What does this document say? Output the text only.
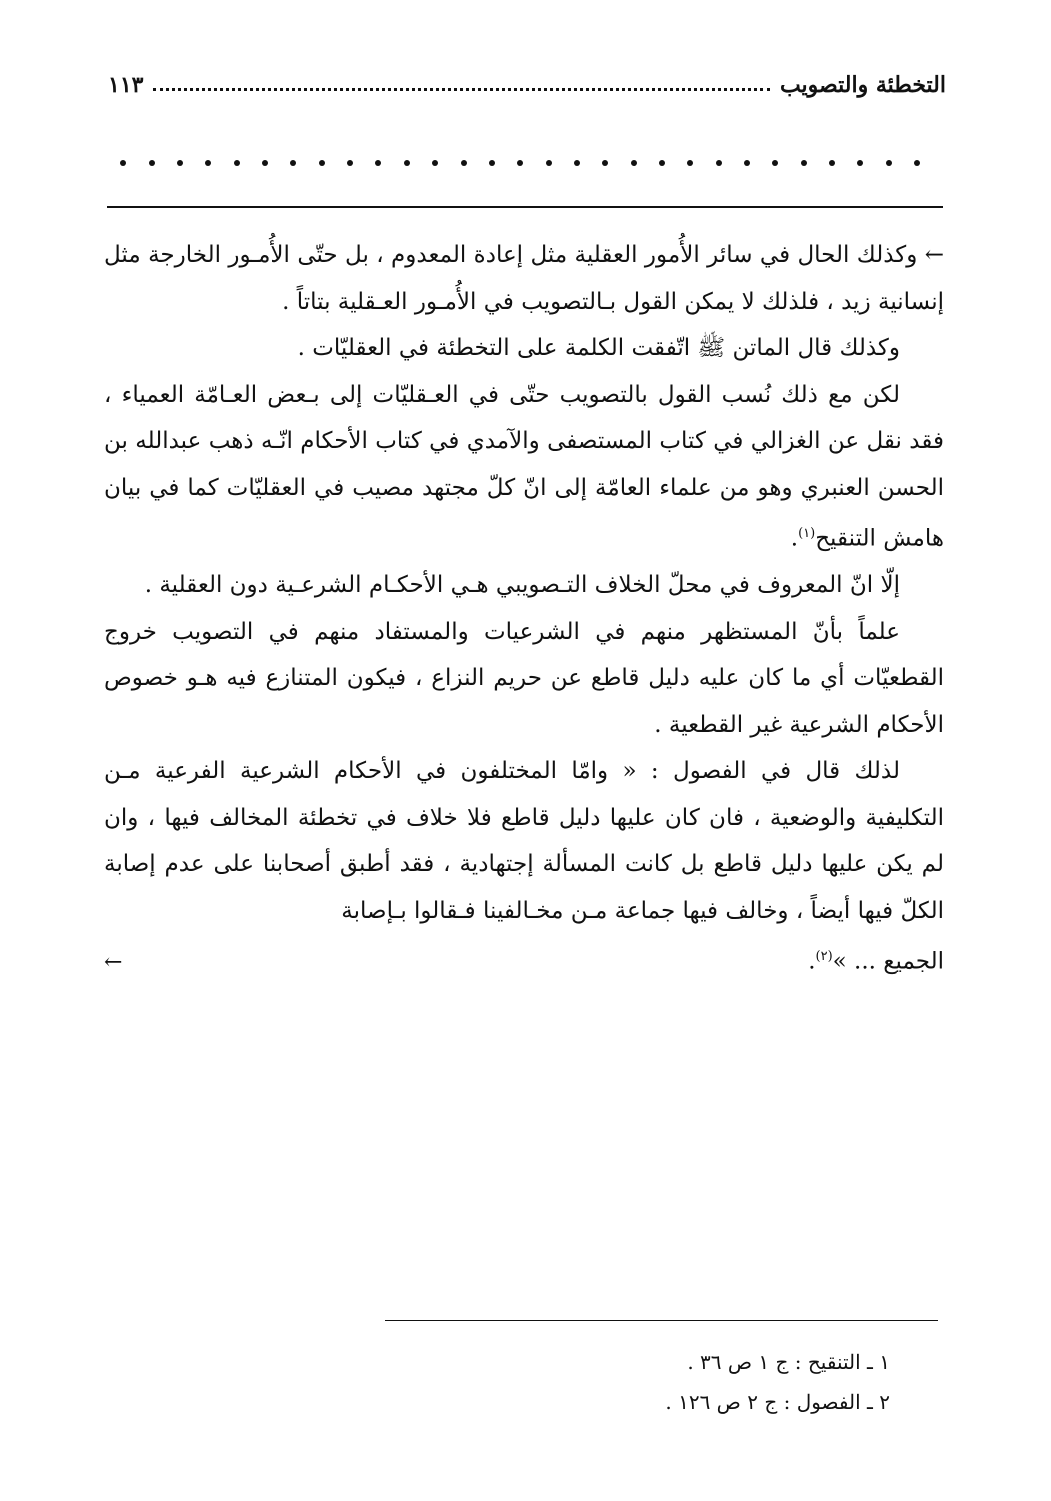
التخطئة والتصويب
١١٣

← وكذلك الحال في سائر الأُمور العقلية مثل إعادة المعدوم ، بل حتّى الأُمـور الخارجة مثل إنسانية زيد ، فلذلك لا يمكن القول بـالتصويب في الأُمـور العـقلية بتاتاً .

وكذلك قال الماتن ﷺ اتّفقت الكلمة على التخطئة في العقليّات .

لكن مع ذلك نُسب القول بالتصويب حتّى في العـقليّات إلى بـعض العـامّة العمياء ، فقد نقل عن الغزالي في كتاب المستصفى والآمدي في كتاب الأحكام انّـه ذهب عبدالله بن الحسن العنبري وهو من علماء العامّة إلى انّ كلّ مجتهد مصيب في العقليّات كما في بيان هامش التنقيح$^{(١)}$.

إلّا انّ المعروف في محلّ الخلاف التـصويبي هـي الأحكـام الشرعـية دون العقلية .

علماً بأنّ المستظهر منهم في الشرعيات والمستفاد منهم في التصويب خروج القطعيّات أي ما كان عليه دليل قاطع عن حريم النزاع ، فيكون المتنازع فيه هـو خصوص الأحكام الشرعية غير القطعية .

لذلك قال في الفصول : « وامّا المختلفون في الأحكام الشرعية الفرعية مـن التكليفية والوضعية ، فان كان عليها دليل قاطع فلا خلاف في تخطئة المخالف فيها ، وان لم يكن عليها دليل قاطع بل كانت المسألة إجتهادية ، فقد أطبق أصحابنا على عدم إصابة الكلّ فيها أيضاً ، وخالف فيها جماعة مـن مخـالفينا فـقالوا بـإصابة

الجميع ... »$^{(٢)}$.
←
١ ـ التنقيح : ج ١ ص ٣٦ .
٢ ـ الفصول : ج ٢ ص ١٢٦ .
